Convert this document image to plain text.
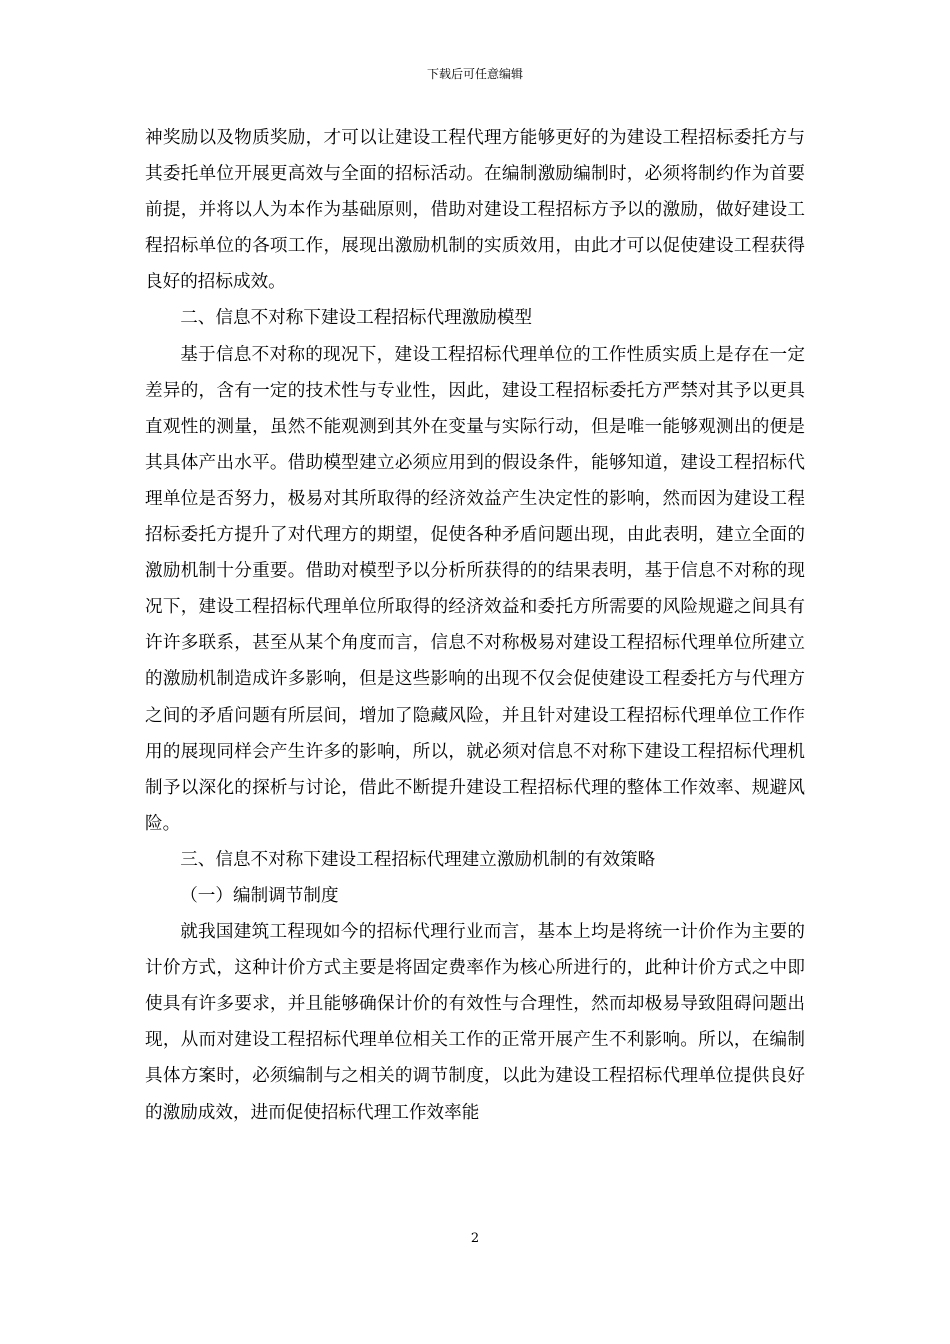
下载后可任意编辑

神奖励以及物质奖励，才可以让建设工程代理方能够更好的为建设工程招标委托方与其委托单位开展更高效与全面的招标活动。在编制激励编制时，必须将制约作为首要前提，并将以人为本作为基础原则，借助对建设工程招标方予以的激励，做好建设工程招标单位的各项工作，展现出激励机制的实质效用，由此才可以促使建设工程获得良好的招标成效。

二、信息不对称下建设工程招标代理激励模型

基于信息不对称的现况下，建设工程招标代理单位的工作性质实质上是存在一定差异的，含有一定的技术性与专业性，因此，建设工程招标委托方严禁对其予以更具直观性的测量，虽然不能观测到其外在变量与实际行动，但是唯一能够观测出的便是其具体产出水平。借助模型建立必须应用到的假设条件，能够知道，建设工程招标代理单位是否努力，极易对其所取得的经济效益产生决定性的影响，然而因为建设工程招标委托方提升了对代理方的期望，促使各种矛盾问题出现，由此表明，建立全面的激励机制十分重要。借助对模型予以分析所获得的的结果表明，基于信息不对称的现况下，建设工程招标代理单位所取得的经济效益和委托方所需要的风险规避之间具有许许多联系，甚至从某个角度而言，信息不对称极易对建设工程招标代理单位所建立的激励机制造成许多影响，但是这些影响的出现不仅会促使建设工程委托方与代理方之间的矛盾问题有所层间，增加了隐藏风险，并且针对建设工程招标代理单位工作作用的展现同样会产生许多的影响，所以，就必须对信息不对称下建设工程招标代理机制予以深化的探析与讨论，借此不断提升建设工程招标代理的整体工作效率、规避风险。

三、信息不对称下建设工程招标代理建立激励机制的有效策略

（一）编制调节制度

就我国建筑工程现如今的招标代理行业而言，基本上均是将统一计价作为主要的计价方式，这种计价方式主要是将固定费率作为核心所进行的，此种计价方式之中即使具有许多要求，并且能够确保计价的有效性与合理性，然而却极易导致阻碍问题出现，从而对建设工程招标代理单位相关工作的正常开展产生不利影响。所以，在编制具体方案时，必须编制与之相关的调节制度，以此为建设工程招标代理单位提供良好的激励成效，进而促使招标代理工作效率能

2
